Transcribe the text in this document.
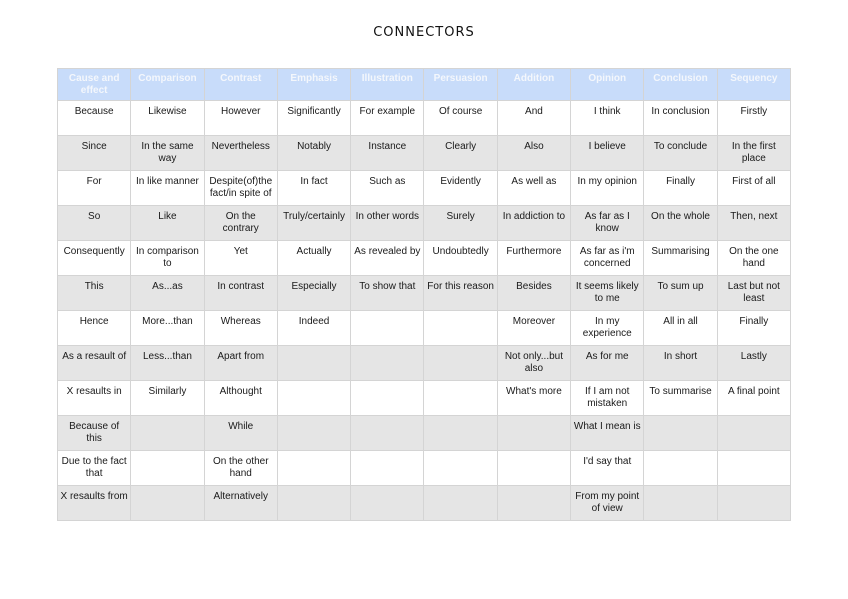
CONNECTORS
Cause and effect	Comparison	Contrast	Emphasis	Illustration	Persuasion	Addition	Opinion	Conclusion	Sequency
Because	Likewise	However	Significantly	For example	Of course	And	I think	In conclusion	Firstly
Since	In the same way	Nevertheless	Notably	Instance	Clearly	Also	I believe	To conclude	In the first place
For	In like manner	Despite(of)the fact/in spite of	In fact	Such as	Evidently	As well as	In my opinion	Finally	First of all
So	Like	On the contrary	Truly/certainly	In other words	Surely	In addiction to	As far as I know	On the whole	Then, next
Consequently	In comparison to	Yet	Actually	As revealed by	Undoubtedly	Furthermore	As far as i'm concerned	Summarising	On the one hand
This	As...as	In contrast	Especially	To show that	For this reason	Besides	It seems likely to me	To sum up	Last but not least
Hence	More...than	Whereas	Indeed			Moreover	In my experience	All in all	Finally
As a resault of	Less...than	Apart from				Not only...but also	As for me	In short	Lastly
X resaults in	Similarly	Althought				What's more	If I am not mistaken	To summarise	A final point
Because of this		While					What I mean is		
Due to the fact that		On the other hand					I'd say that		
X resaults from		Alternatively					From my point of view		
